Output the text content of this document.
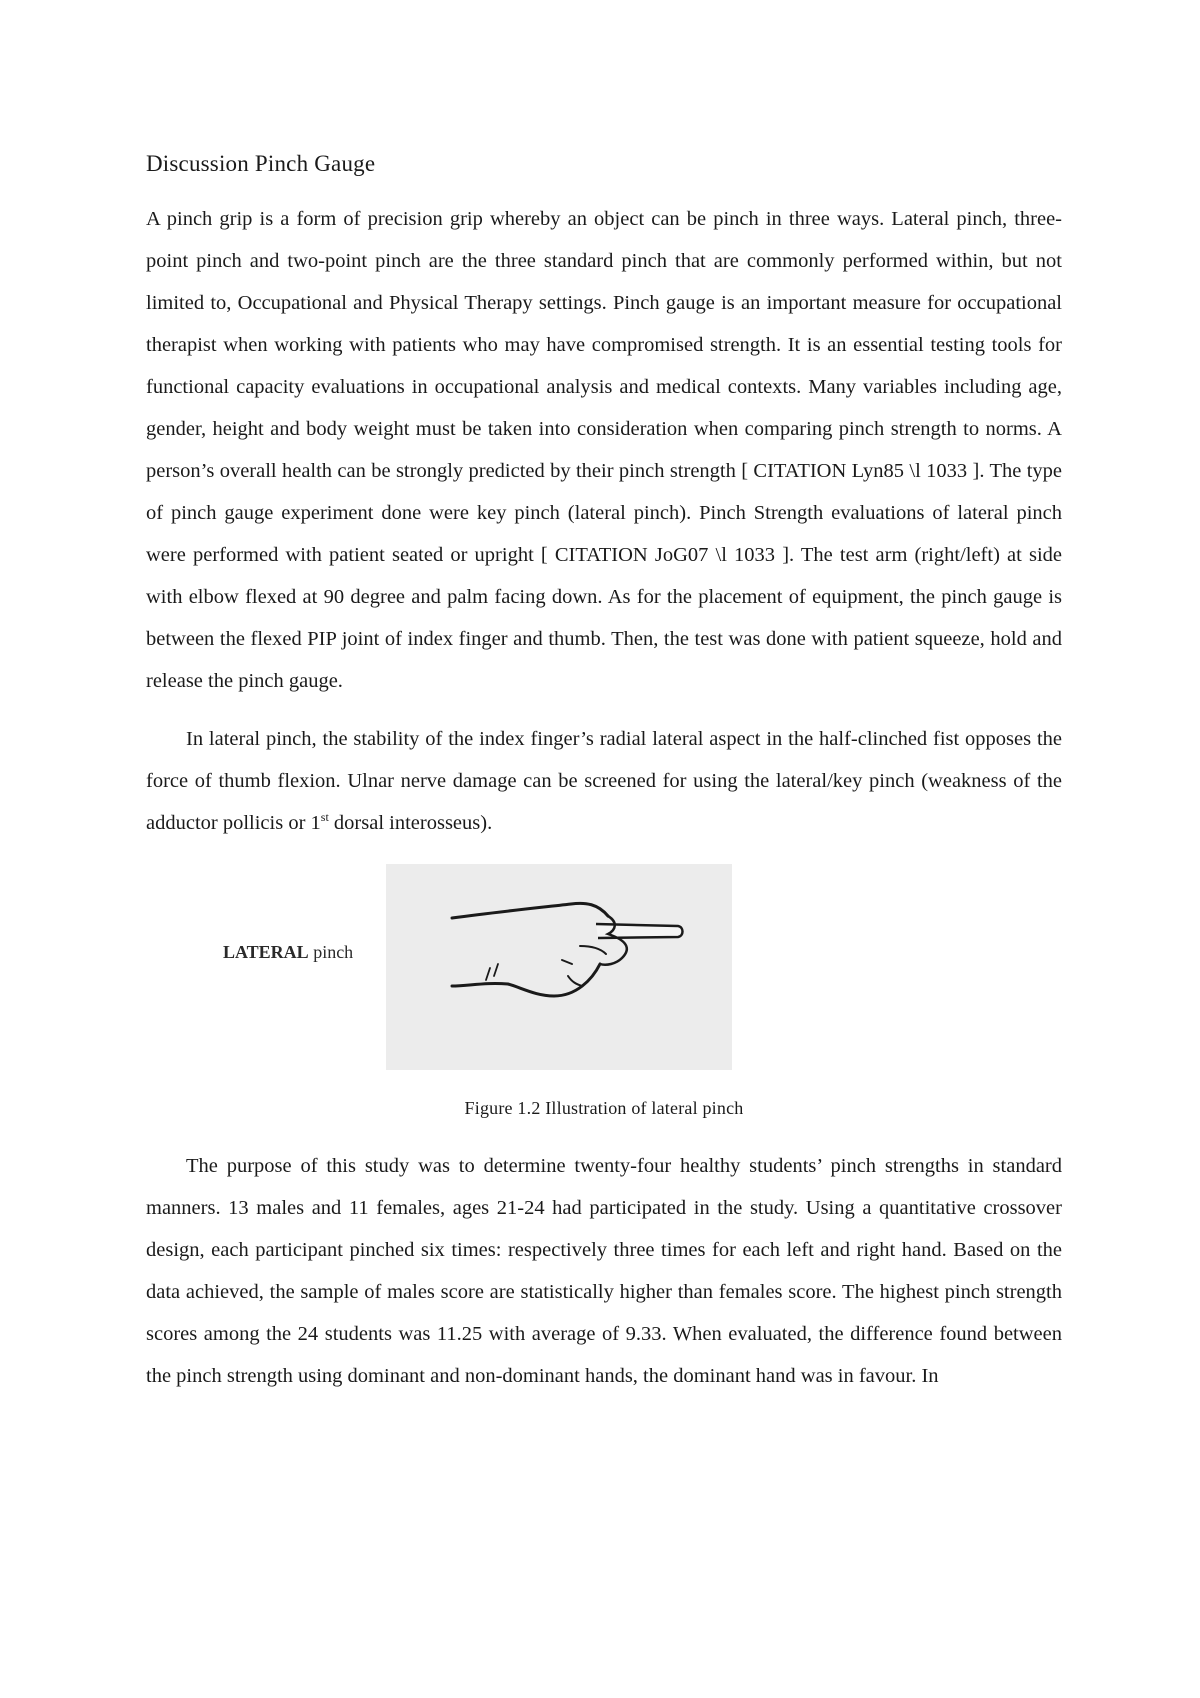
Discussion Pinch Gauge

A pinch grip is a form of precision grip whereby an object can be pinch in three ways. Lateral pinch, three-point pinch and two-point pinch are the three standard pinch that are commonly performed within, but not limited to, Occupational and Physical Therapy settings. Pinch gauge is an important measure for occupational therapist when working with patients who may have compromised strength. It is an essential testing tools for functional capacity evaluations in occupational analysis and medical contexts. Many variables including age, gender, height and body weight must be taken into consideration when comparing pinch strength to norms. A person’s overall health can be strongly predicted by their pinch strength [ CITATION Lyn85 \l 1033 ]. The type of pinch gauge experiment done were key pinch (lateral pinch). Pinch Strength evaluations of lateral pinch were performed with patient seated or upright [ CITATION JoG07 \l 1033 ]. The test arm (right/left) at side with elbow flexed at 90 degree and palm facing down. As for the placement of equipment, the pinch gauge is between the flexed PIP joint of index finger and thumb. Then, the test was done with patient squeeze, hold and release the pinch gauge.

In lateral pinch, the stability of the index finger’s radial lateral aspect in the half-clinched fist opposes the force of thumb flexion. Ulnar nerve damage can be screened for using the lateral/key pinch (weakness of the adductor pollicis or 1st dorsal interosseus).

LATERAL pinch
Figure 1.2 Illustration of lateral pinch

The purpose of this study was to determine twenty-four healthy students’ pinch strengths in standard manners. 13 males and 11 females, ages 21-24 had participated in the study. Using a quantitative crossover design, each participant pinched six times: respectively three times for each left and right hand. Based on the data achieved, the sample of males score are statistically higher than females score. The highest pinch strength scores among the 24 students was 11.25 with average of 9.33. When evaluated, the difference found between the pinch strength using dominant and non-dominant hands, the dominant hand was in favour. In
